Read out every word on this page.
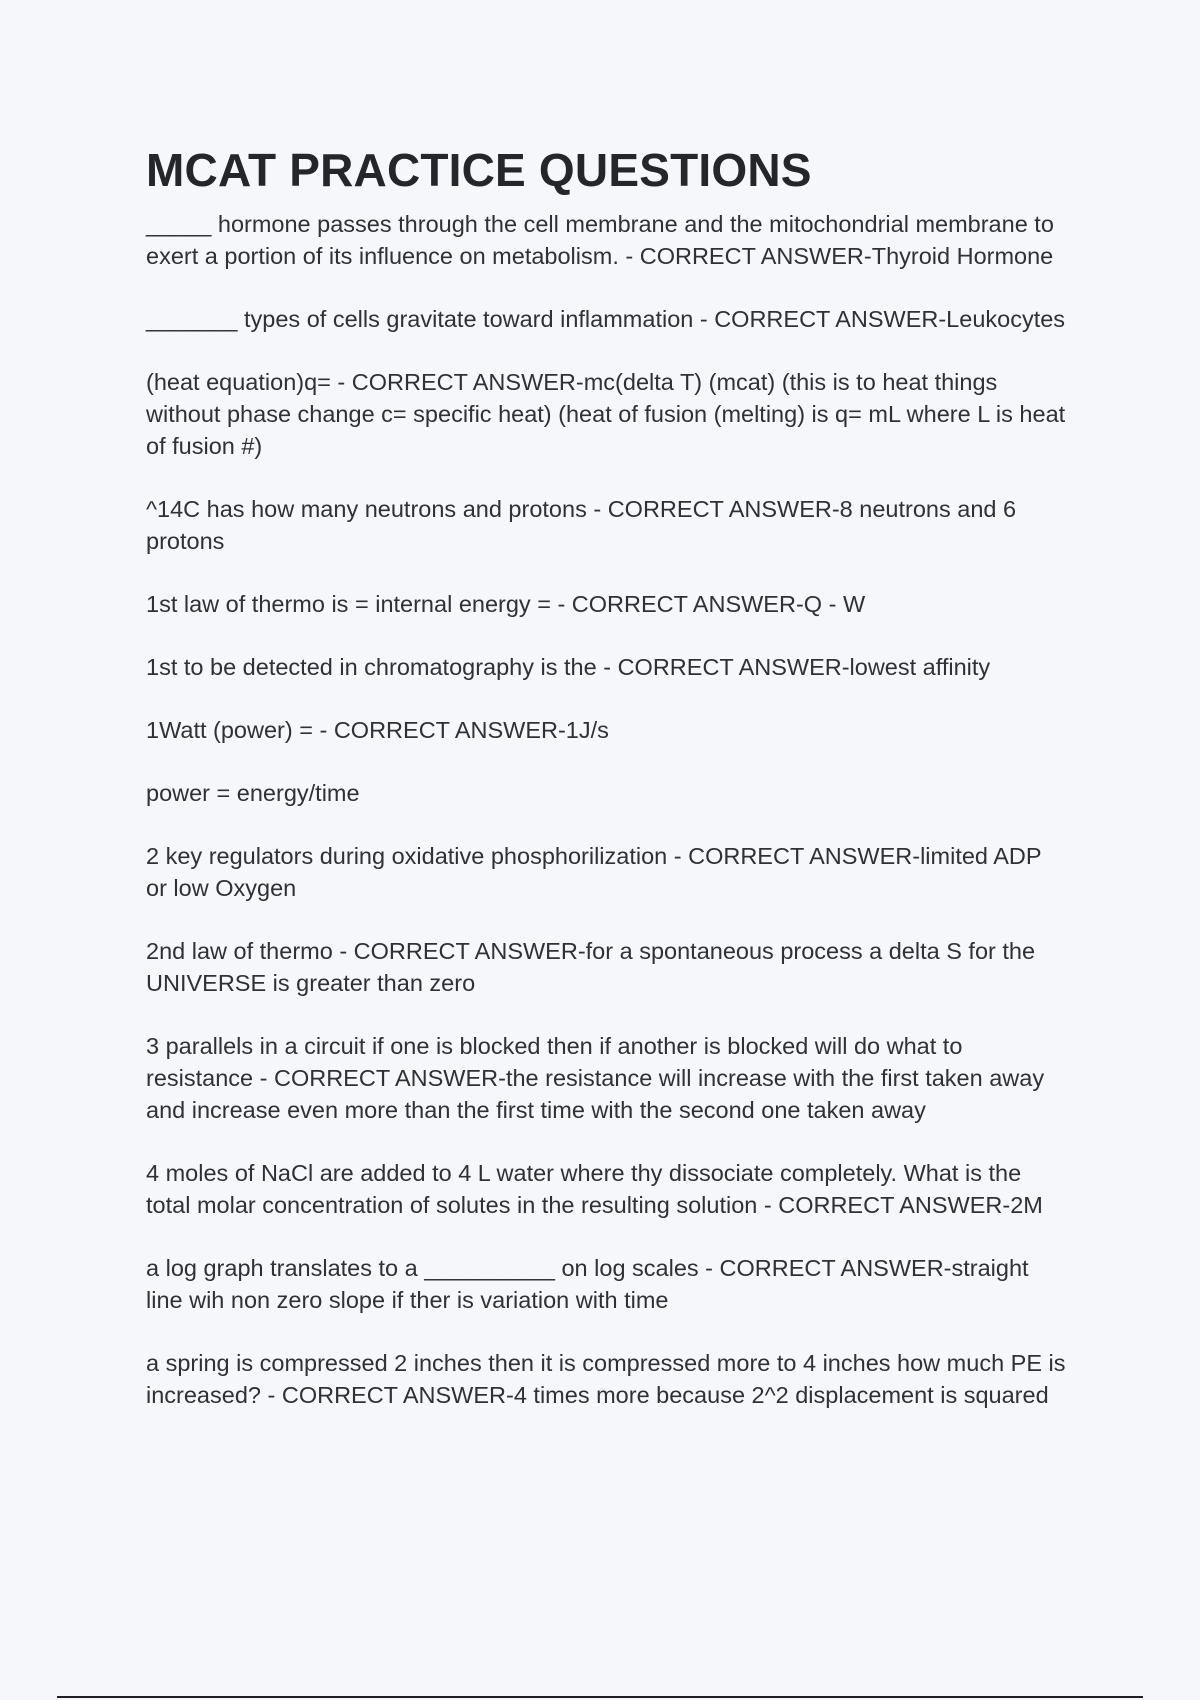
MCAT PRACTICE QUESTIONS

_____ hormone passes through the cell membrane and the mitochondrial membrane to exert a portion of its influence on metabolism. - CORRECT ANSWER-Thyroid Hormone

_______ types of cells gravitate toward inflammation - CORRECT ANSWER-Leukocytes

(heat equation)q= - CORRECT ANSWER-mc(delta T) (mcat) (this is to heat things without phase change c= specific heat) (heat of fusion (melting) is q= mL where L is heat of fusion #)

^14C has how many neutrons and protons - CORRECT ANSWER-8 neutrons and 6 protons

1st law of thermo is = internal energy = - CORRECT ANSWER-Q - W

1st to be detected in chromatography is the - CORRECT ANSWER-lowest affinity

1Watt (power) = - CORRECT ANSWER-1J/s

power = energy/time

2 key regulators during oxidative phosphorilization - CORRECT ANSWER-limited ADP or low Oxygen

2nd law of thermo - CORRECT ANSWER-for a spontaneous process a delta S for the UNIVERSE is greater than zero

3 parallels in a circuit if one is blocked then if another is blocked will do what to resistance - CORRECT ANSWER-the resistance will increase with the first taken away and increase even more than the first time with the second one taken away

4 moles of NaCl are added to 4 L water where thy dissociate completely. What is the total molar concentration of solutes in the resulting solution - CORRECT ANSWER-2M

a log graph translates to a __________ on log scales - CORRECT ANSWER-straight line wih non zero slope if ther is variation with time

a spring is compressed 2 inches then it is compressed more to 4 inches how much PE is increased? - CORRECT ANSWER-4 times more because 2^2 displacement is squared
